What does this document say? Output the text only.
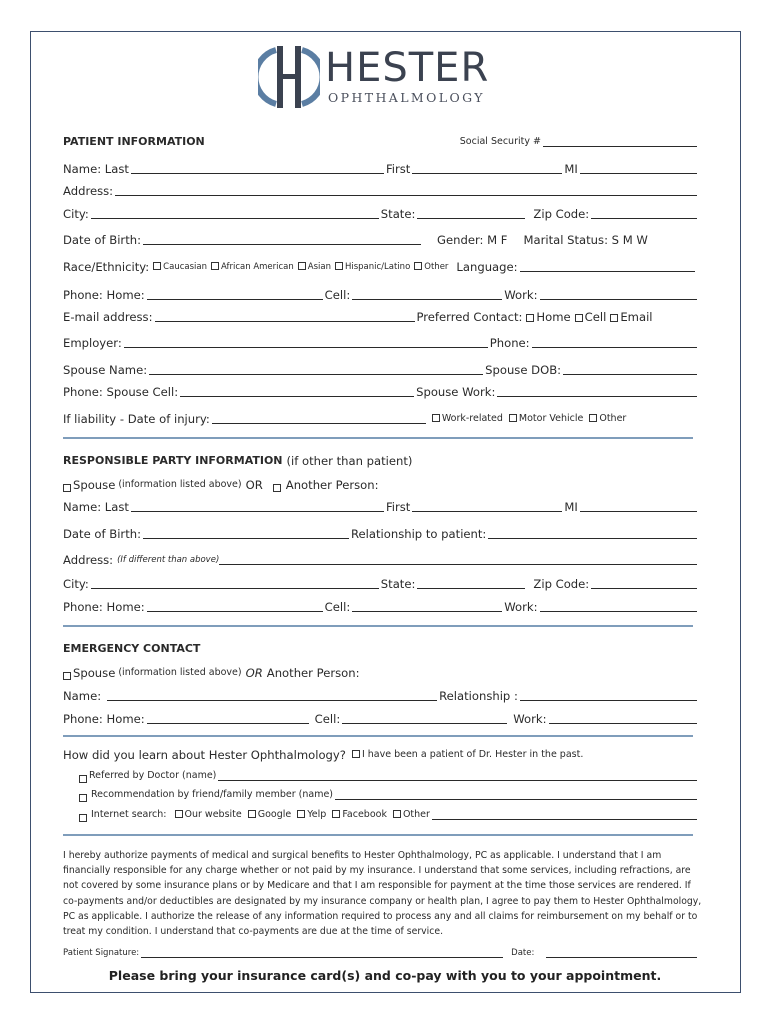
HESTER
OPHTHALMOLOGY
PATIENT INFORMATION	Social Security #
Name: Last	First	MI
Address:
City:	State:	Zip Code:
Date of Birth:	Gender: M F Marital Status: S M W
Race/Ethnicity:	Caucasian	African American	Asian	Hispanic/Latino	Other Language:
Phone: Home:	Cell:	Work:
E-mail address:	Preferred Contact:	Home	Cell	Email
Employer:	Phone:
Spouse Name:	Spouse DOB:
Phone: Spouse Cell:	Spouse Work:
If liability - Date of injury:	Work-related	Motor Vehicle	Other
RESPONSIBLE PARTY INFORMATION (if other than patient)
Spouse (information listed above) OR Another Person:
Name: Last	First	MI
Date of Birth:	Relationship to patient:
Address: (If different than above)
City:	State:	Zip Code:
Phone: Home:	Cell:	Work:
EMERGENCY CONTACT
Spouse (information listed above) OR Another Person:
Name:	Relationship :
Phone: Home:	Cell:	Work:
How did you learn about Hester Ophthalmology?	I have been a patient of Dr. Hester in the past.
Referred by Doctor (name)
Recommendation by friend/family member (name)
Internet search:	Our website	Google	Yelp	Facebook	Other
I hereby authorize payments of medical and surgical benefits to Hester Ophthalmology, PC as applicable. I understand that I am financially responsible for any charge whether or not paid by my insurance. I understand that some services, including refractions, are not covered by some insurance plans or by Medicare and that I am responsible for payment at the time those services are rendered. If co-payments and/or deductibles are designated by my insurance company or health plan, I agree to pay them to Hester Ophthalmology, PC as applicable. I authorize the release of any information required to process any and all claims for reimbursement on my behalf or to treat my condition. I understand that co-payments are due at the time of service.
Patient Signature:	Date:
Please bring your insurance card(s) and co-pay with you to your appointment.
